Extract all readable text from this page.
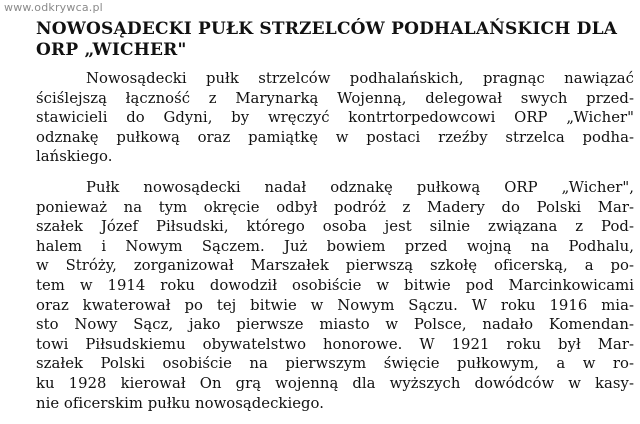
www.odkrywca.pl
NOWOSĄDECKI PUŁK STRZELCÓW PODHALAŃSKICH DLA
ORP „WICHER"
Nowosądecki pułk strzelców podhalańskich, pragnąc nawiązać
ściślejszą łączność z Marynarką Wojenną, delegował swych przed-
stawicieli do Gdyni, by wręczyć kontrtorpedowcowi ORP „Wicher"
odznakę pułkową oraz pamiątkę w postaci rzeźby strzelca podha-
lańskiego.
Pułk nowosądecki nadał odznakę pułkową ORP „Wicher",
ponieważ na tym okręcie odbył podróż z Madery do Polski Mar-
szałek Józef Piłsudski, którego osoba jest silnie związana z Pod-
halem i Nowym Sączem. Już bowiem przed wojną na Podhalu,
w Stróży, zorganizował Marszałek pierwszą szkołę oficerską, a po-
tem w 1914 roku dowodził osobiście w bitwie pod Marcinkowicami
oraz kwaterował po tej bitwie w Nowym Sączu. W roku 1916 mia-
sto Nowy Sącz, jako pierwsze miasto w Polsce, nadało Komendan-
towi Piłsudskiemu obywatelstwo honorowe. W 1921 roku był Mar-
szałek Polski osobiście na pierwszym święcie pułkowym, a w ro-
ku 1928 kierował On grą wojenną dla wyższych dowódców w kasy-
nie oficerskim pułku nowosądeckiego.
